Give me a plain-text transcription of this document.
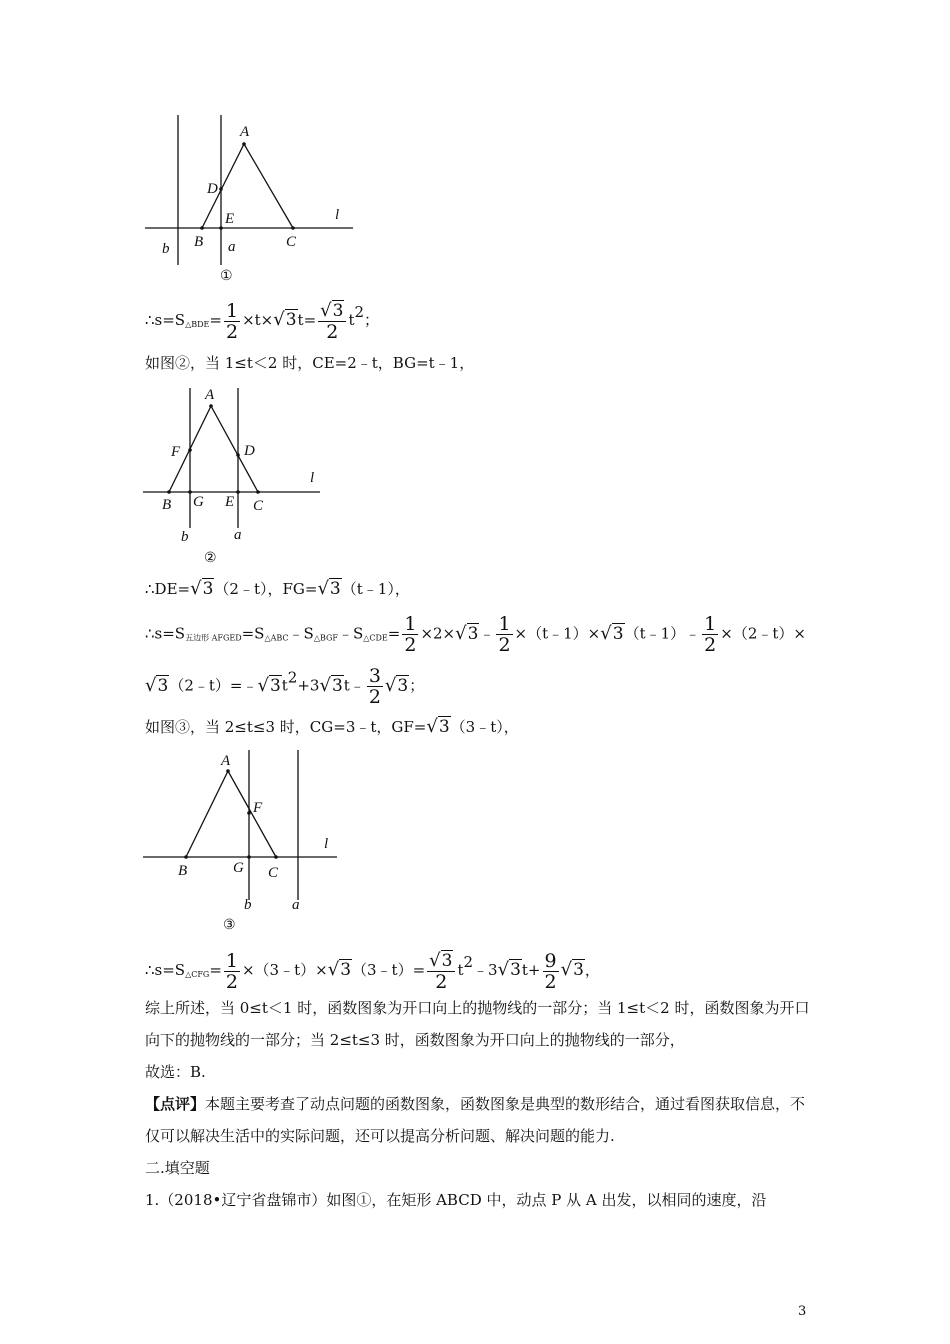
A
D
E
B	C
l
a
b
①
$\therefore s=S_{\triangle BDE}= \frac{1}{2} \times t\times√3t= \frac{√3}{2} t2$；
如图②，当 1≤t＜2 时，CE=2﹣t，BG=t﹣1，
A
F	D
B G E C
l
a
b
②
∴DE=√3（2﹣t），FG=√3（t﹣1），
$\therefore s=S_{五边形 AFGED}=S_{\triangle ABC}﹣S_{\triangle BGF}﹣S_{\triangle CDE}= \frac{1}{2}$ ×2×√3﹣ $\frac{1}{2}$ ×（t﹣1）×√3（t﹣1）﹣ $\frac{1}{2}$ ×（2﹣t）×
√3（2﹣t）=﹣√3t2+3√3t﹣ $\frac{3}{2} √3$；
如图③，当 2≤t≤3 时，CG=3﹣t，GF=√3（3﹣t），
A
F
B	G C
l
a
b
③
$\therefore s=S_{\triangle CFG}= \frac{1}{2}$ ×（3﹣t）×√3（3﹣t）= $\frac{√3}{2}$ t2﹣3√3t+ $\frac{9}{2} √3$，

综上所述，当 0≤t＜1 时，函数图象为开口向上的抛物线的一部分；当 1≤t＜2 时，函数图象为开口向下的抛物线的一部分；当 2≤t≤3 时，函数图象为开口向上的抛物线的一部分，

故选：B.

【点评】本题主要考查了动点问题的函数图象，函数图象是典型的数形结合，通过看图获取信息，不仅可以解决生活中的实际问题，还可以提高分析问题、解决问题的能力.

二.填空题

1.（2018•辽宁省盘锦市）如图①，在矩形 ABCD 中，动点 P 从 A 出发，以相同的速度，沿

3
